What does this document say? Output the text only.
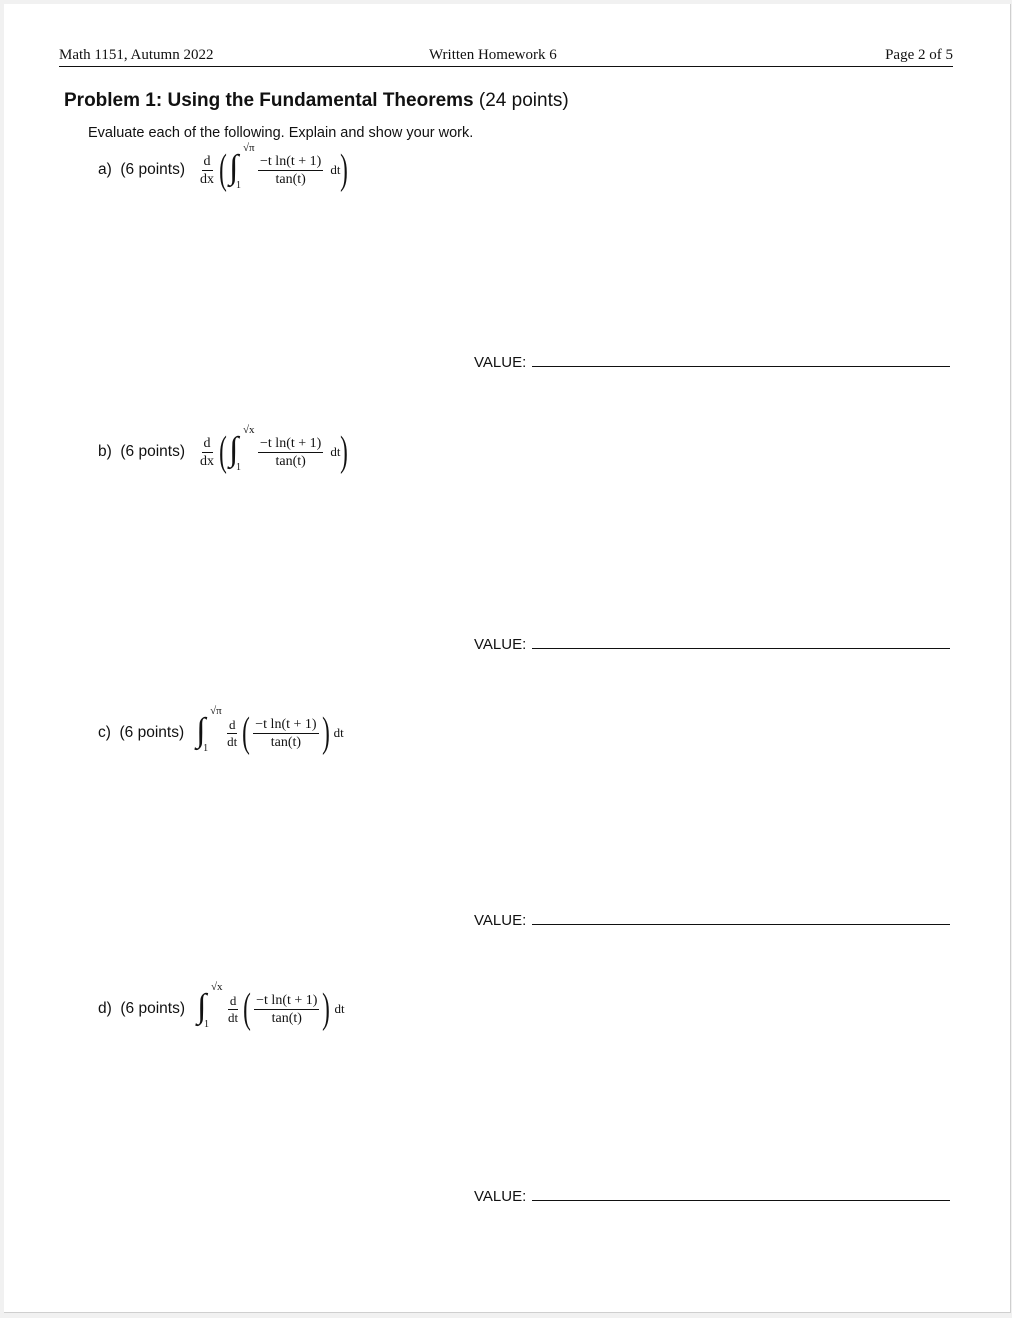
Math 1151, Autumn 2022	Written Homework 6	Page 2 of 5
Problem 1: Using the Fundamental Theorems (24 points)
Evaluate each of the following. Explain and show your work.
a)  (6 points) $\frac{d}{dx}$ ( ∫
√π
$1 \frac{\text{−t ln(t + 1)}}{\tan(t)}$ dt )
VALUE:
b)  (6 points) $\frac{d}{dx}$ ( ∫
√x
$1 \frac{\text{−t ln(t + 1)}}{\tan(t)}$ dt )
VALUE:
c)  (6 points) ∫
√π
$1 \frac{d}{dt}$ ( $\frac{\text{−t ln(t + 1)}}{\tan(t)}$ ) dt
VALUE:
d)  (6 points) ∫
√x
$1 \frac{d}{dt}$ ( $\frac{\text{−t ln(t + 1)}}{\tan(t)}$ ) dt
VALUE:
